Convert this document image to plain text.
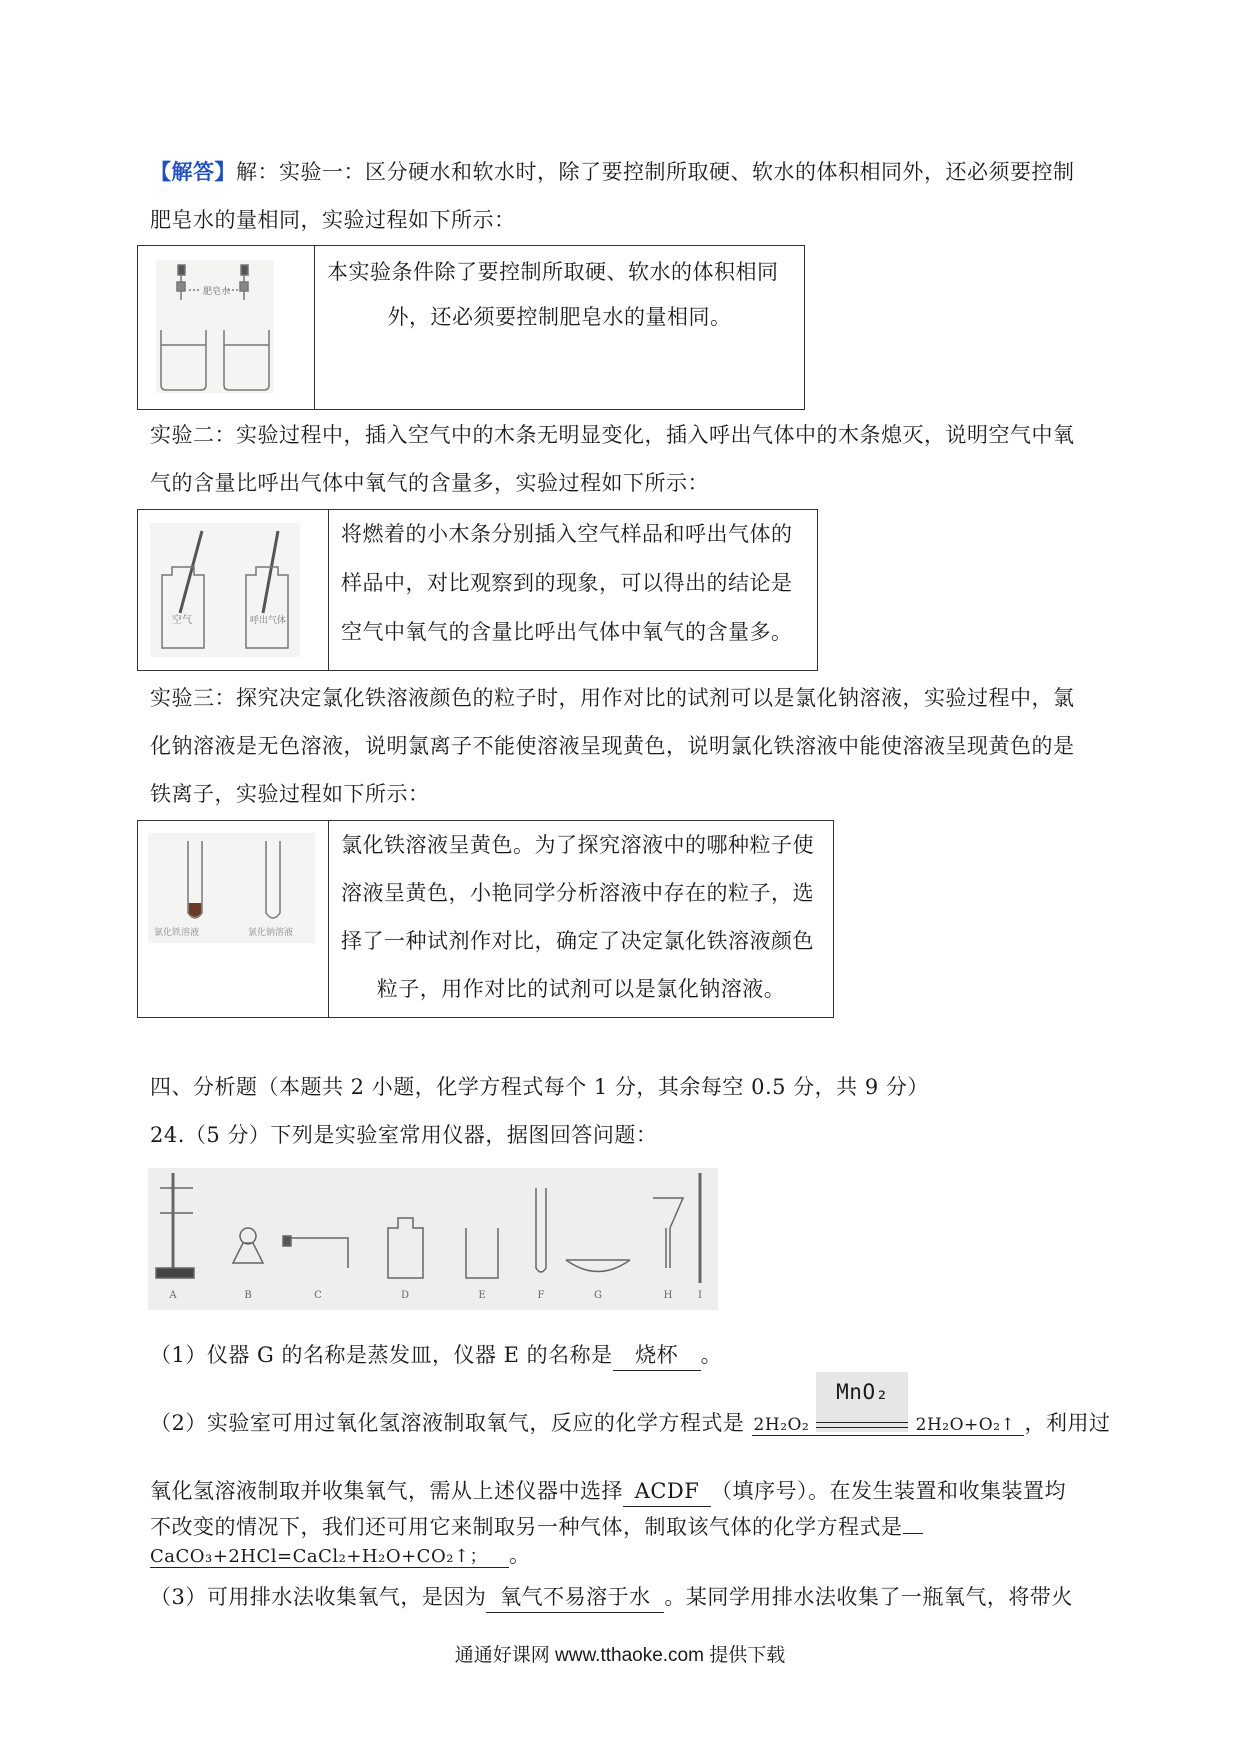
【解答】解：实验一：区分硬水和软水时，除了要控制所取硬、软水的体积相同外，还必须要控制
肥皂水的量相同，实验过程如下所示：
肥皂水

本实验条件除了要控制所取硬、软水的体积相同
外，还必须要控制肥皂水的量相同。
实验二：实验过程中，插入空气中的木条无明显变化，插入呼出气体中的木条熄灭，说明空气中氧
气的含量比呼出气体中氧气的含量多，实验过程如下所示：
空气	呼出气体

将燃着的小木条分别插入空气样品和呼出气体的
样品中，对比观察到的现象，可以得出的结论是
空气中氧气的含量比呼出气体中氧气的含量多。
实验三：探究决定氯化铁溶液颜色的粒子时，用作对比的试剂可以是氯化钠溶液，实验过程中，氯
化钠溶液是无色溶液，说明氯离子不能使溶液呈现黄色，说明氯化铁溶液中能使溶液呈现黄色的是
铁离子，实验过程如下所示：
氯化铁溶液	氯化钠溶液

氯化铁溶液呈黄色。为了探究溶液中的哪种粒子使
溶液呈黄色，小艳同学分析溶液中存在的粒子，选
择了一种试剂作对比，确定了决定氯化铁溶液颜色
粒子，用作对比的试剂可以是氯化钠溶液。
四、分析题（本题共 2 小题，化学方程式每个 1 分，其余每空 0.5 分，共 9 分）
24.（5 分）下列是实验室常用仪器，据图回答问题：
A	B	C	D	E	F	G	H	I
（1）仪器 G 的名称是蒸发皿，仪器 E 的名称是 烧杯 。
（2）实验室可用过氧化氢溶液制取氧气，反应的化学方程式是 2H₂O₂
MnO₂
2H₂O+O₂↑ ，利用过
氧化氢溶液制取并收集氧气，需从上述仪器中选择 ACDF （填序号）。在发生装置和收集装置均
不改变的情况下，我们还可用它来制取另一种气体，制取该气体的化学方程式是
CaCO₃+2HCl=CaCl₂+H₂O+CO₂↑； 。
（3）可用排水法收集氧气，是因为 氧气不易溶于水 。某同学用排水法收集了一瓶氧气，将带火
通通好课网 www.tthaoke.com 提供下载
